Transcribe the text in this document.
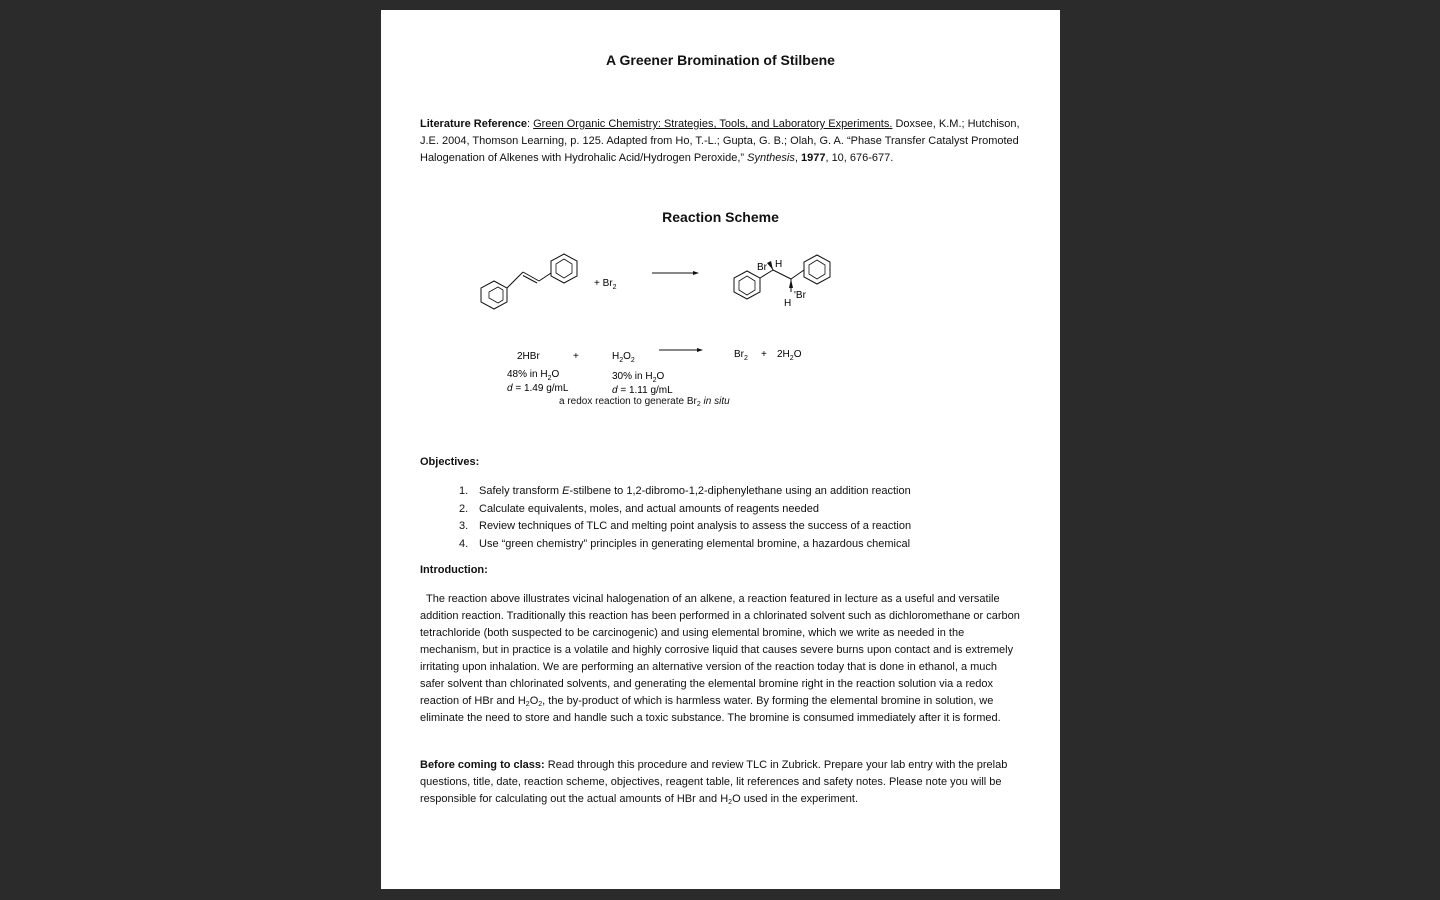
A Greener Bromination of Stilbene
Literature Reference: Green Organic Chemistry: Strategies, Tools, and Laboratory Experiments. Doxsee, K.M.; Hutchison, J.E. 2004, Thomson Learning, p. 125. Adapted from Ho, T.-L.; Gupta, G. B.; Olah, G. A. “Phase Transfer Catalyst Promoted Halogenation of Alkenes with Hydrohalic Acid/Hydrogen Peroxide,” Synthesis, 1977, 10, 676-677.
Reaction Scheme
+ $Br_2$
Br H
'Br
H
2HBr	+	$H_2O_2$
48% in $H_2O$
d = 1.49 g/mL
30% in $H_2O$
d = 1.11 g/mL
$Br_2 + 2H_2O$
a redox reaction to generate $Br_2$ in situ
Objectives:
1. Safely transform E-stilbene to 1,2-dibromo-1,2-diphenylethane using an addition reaction
2. Calculate equivalents, moles, and actual amounts of reagents needed
3. Review techniques of TLC and melting point analysis to assess the success of a reaction
4. Use “green chemistry” principles in generating elemental bromine, a hazardous chemical
Introduction:
The reaction above illustrates vicinal halogenation of an alkene, a reaction featured in lecture as a useful and versatile addition reaction. Traditionally this reaction has been performed in a chlorinated solvent such as dichloromethane or carbon tetrachloride (both suspected to be carcinogenic) and using elemental bromine, which we write as needed in the mechanism, but in practice is a volatile and highly corrosive liquid that causes severe burns upon contact and is extremely irritating upon inhalation. We are performing an alternative version of the reaction today that is done in ethanol, a much safer solvent than chlorinated solvents, and generating the elemental bromine right in the reaction solution via a redox reaction of HBr and $H_2O_2$, the by-product of which is harmless water. By forming the elemental bromine in solution, we eliminate the need to store and handle such a toxic substance. The bromine is consumed immediately after it is formed.
Before coming to class: Read through this procedure and review TLC in Zubrick. Prepare your lab entry with the prelab questions, title, date, reaction scheme, objectives, reagent table, lit references and safety notes. Please note you will be responsible for calculating out the actual amounts of HBr and $H_2O$ used in the experiment.
